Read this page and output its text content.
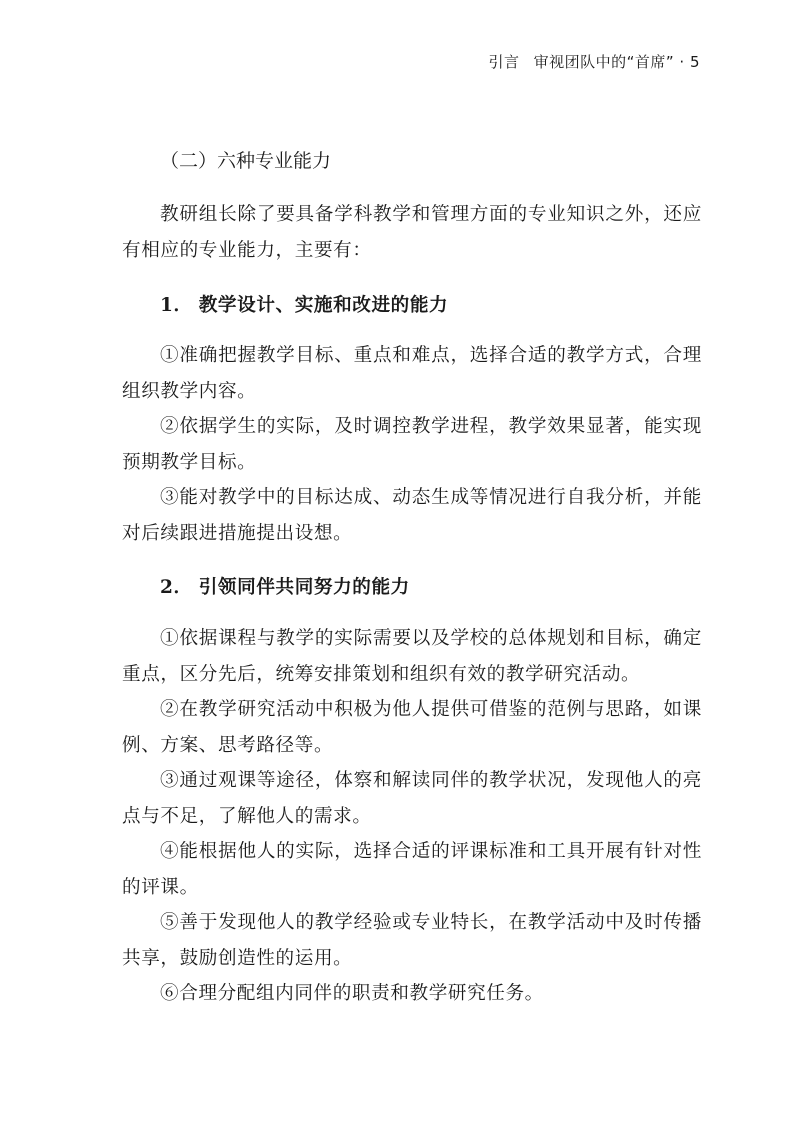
引言 审视团队中的“首席” · 5
（二）六种专业能力

教研组长除了要具备学科教学和管理方面的专业知识之外，还应有相应的专业能力，主要有：

1． 教学设计、实施和改进的能力

①准确把握教学目标、重点和难点，选择合适的教学方式，合理组织教学内容。

②依据学生的实际，及时调控教学进程，教学效果显著，能实现预期教学目标。

③能对教学中的目标达成、动态生成等情况进行自我分析，并能对后续跟进措施提出设想。

2． 引领同伴共同努力的能力

①依据课程与教学的实际需要以及学校的总体规划和目标，确定重点，区分先后，统筹安排策划和组织有效的教学研究活动。

②在教学研究活动中积极为他人提供可借鉴的范例与思路，如课例、方案、思考路径等。

③通过观课等途径，体察和解读同伴的教学状况，发现他人的亮点与不足，了解他人的需求。

④能根据他人的实际，选择合适的评课标准和工具开展有针对性的评课。

⑤善于发现他人的教学经验或专业特长，在教学活动中及时传播共享，鼓励创造性的运用。

⑥合理分配组内同伴的职责和教学研究任务。
